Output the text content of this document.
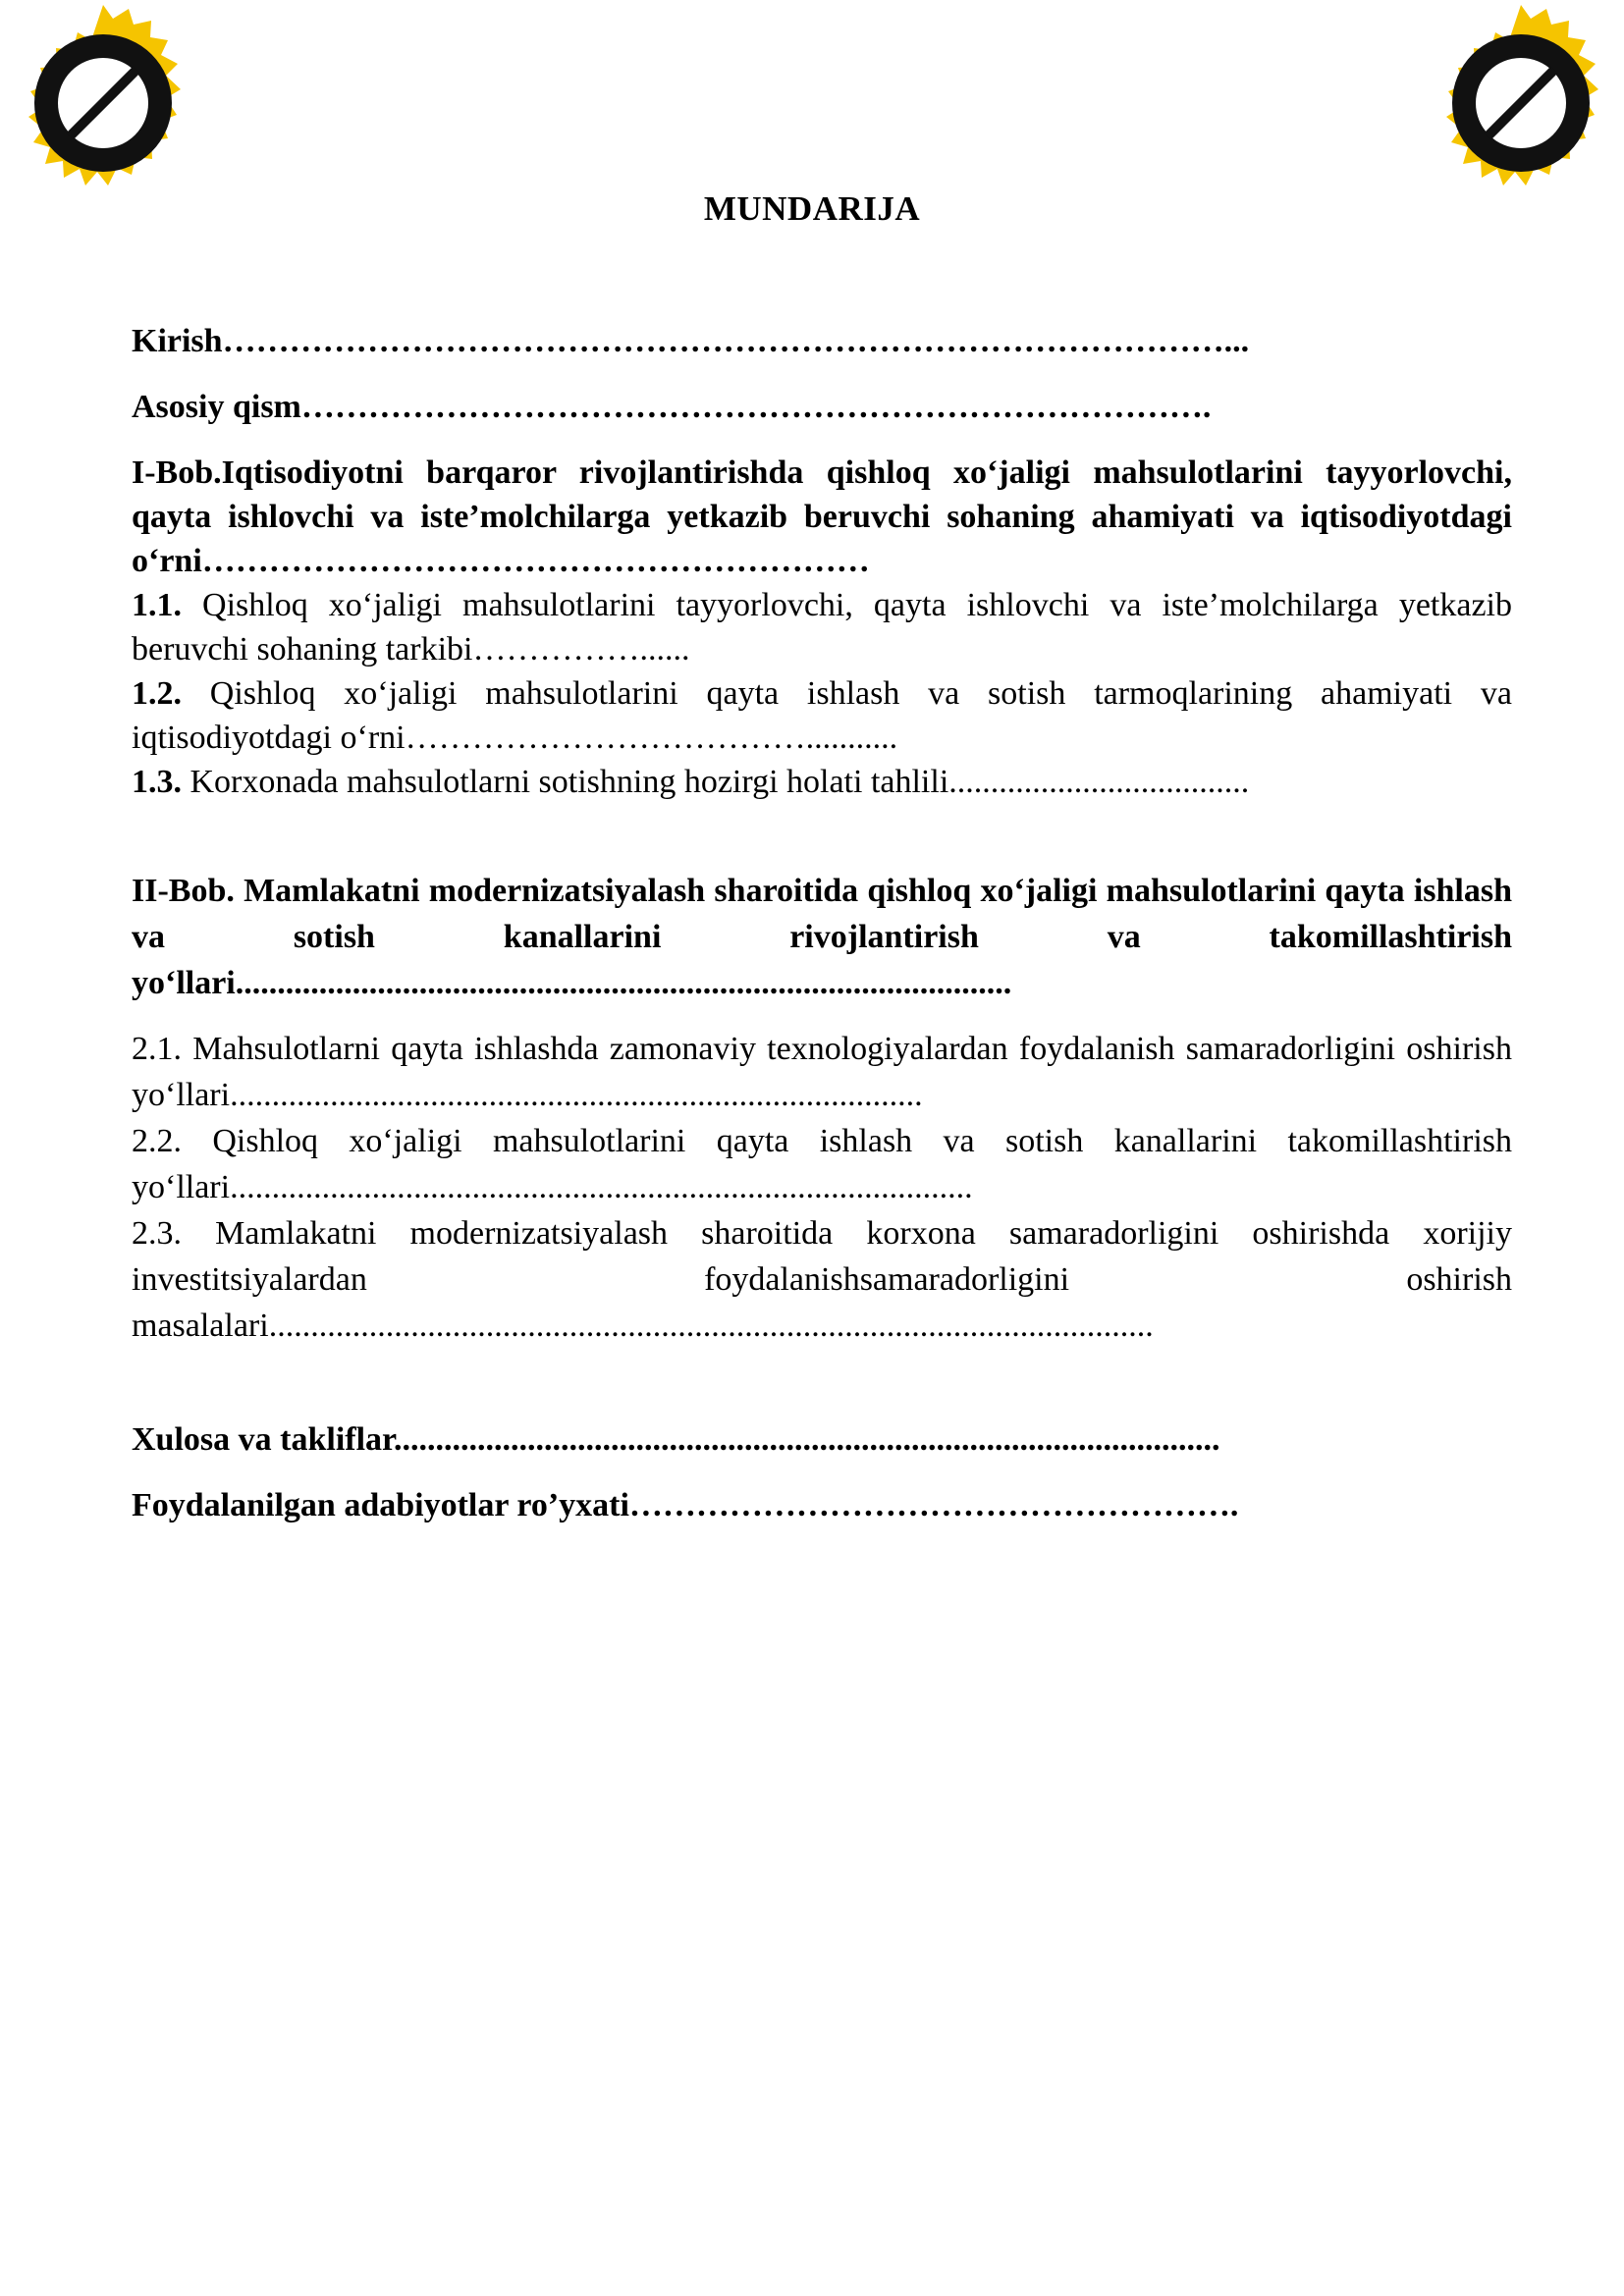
MUNDARIJA
Kirish………………………………………………………………………………...
Asosiy qism……………………………………………………………………….
I-Bob.Iqtisodiyotni barqaror rivojlantirishda qishloq xo‘jaligi mahsulotlarini tayyorlovchi, qayta ishlovchi va iste’molchilarga yetkazib beruvchi sohaning ahamiyati va iqtisodiyotdagi o‘rni……………………………………………………
1.1. Qishloq xo‘jaligi mahsulotlarini tayyorlovchi, qayta ishlovchi va iste’molchilarga yetkazib beruvchi sohaning tarkibi……………......
1.2. Qishloq xo‘jaligi mahsulotlarini qayta ishlash va sotish tarmoqlarining ahamiyati va iqtisodiyotdagi o‘rni………………………………...........
1.3. Korxonada mahsulotlarni sotishning hozirgi holati tahlili....................................
II-Bob. Mamlakatni modernizatsiyalash sharoitida qishloq xo‘jaligi mahsulotlarini qayta ishlash va sotish kanallarini rivojlantirish va takomillashtirish yo‘llari.............................................................................................
2.1. Mahsulotlarni qayta ishlashda zamonaviy texnologiyalardan foydalanish samaradorligini oshirish yo‘llari...................................................................................
2.2. Qishloq xo‘jaligi mahsulotlarini qayta ishlash va sotish kanallarini takomillashtirish yo‘llari.........................................................................................
2.3. Mamlakatni modernizatsiyalash sharoitida korxona samaradorligini oshirishda xorijiy investitsiyalardan foydalanishsamaradorligini oshirish masalalari..........................................................................................................
Xulosa va takliflar...................................................................................................
Foydalanilgan adabiyotlar ro’yxati……………………………………………….
